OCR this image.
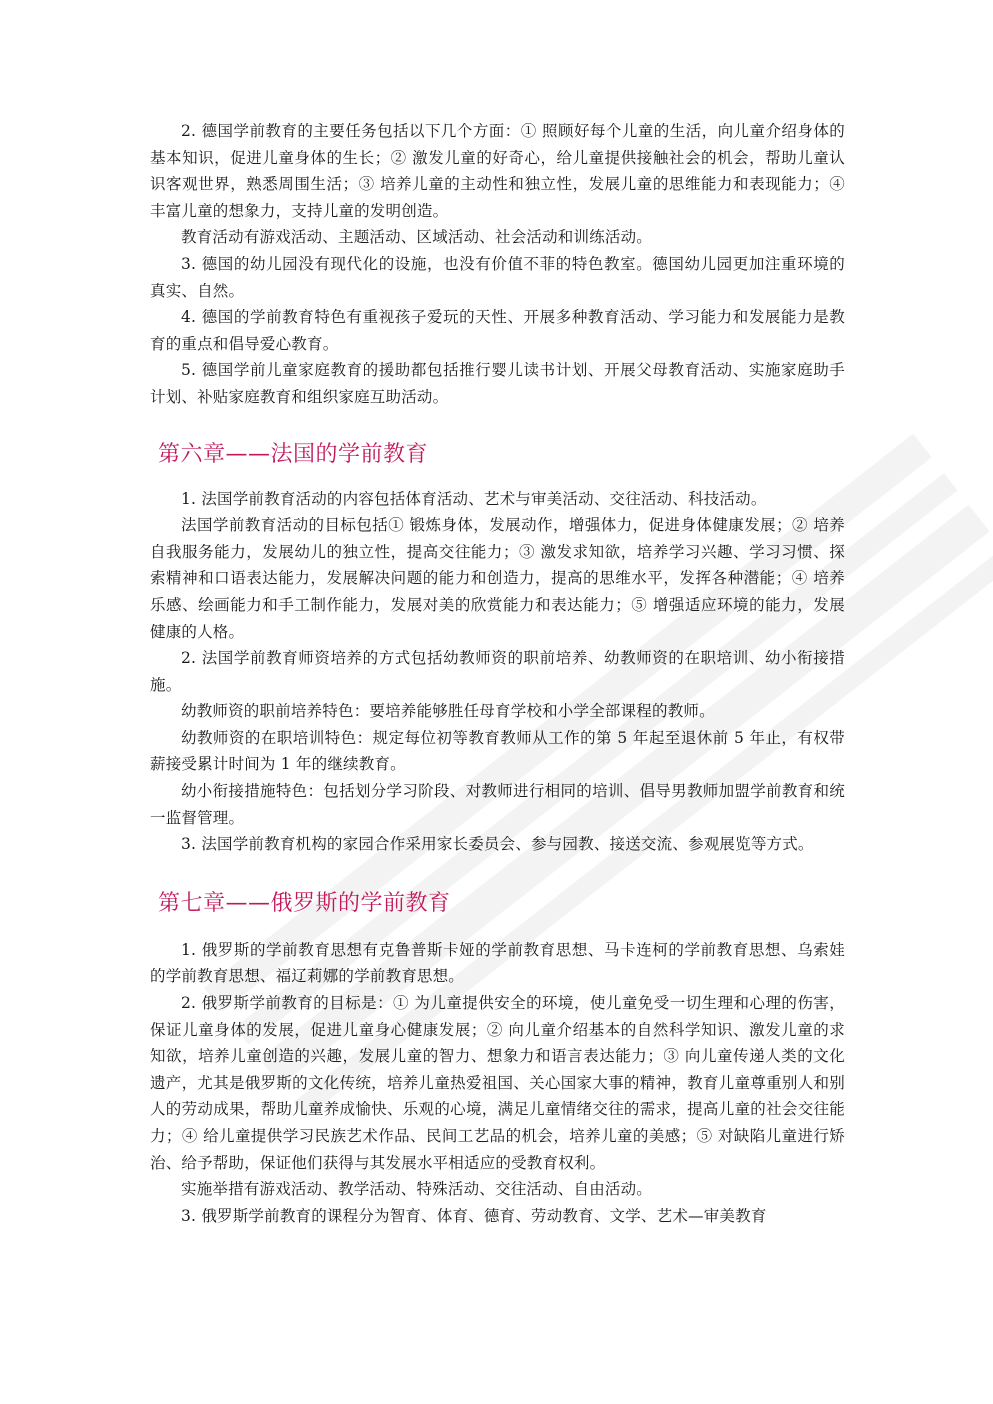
2. 德国学前教育的主要任务包括以下几个方面：① 照顾好每个儿童的生活，向儿童介绍身体的基本知识，促进儿童身体的生长；② 激发儿童的好奇心，给儿童提供接触社会的机会，帮助儿童认识客观世界，熟悉周围生活；③ 培养儿童的主动性和独立性，发展儿童的思维能力和表现能力；④ 丰富儿童的想象力，支持儿童的发明创造。

教育活动有游戏活动、主题活动、区域活动、社会活动和训练活动。

3. 德国的幼儿园没有现代化的设施，也没有价值不菲的特色教室。德国幼儿园更加注重环境的真实、自然。

4. 德国的学前教育特色有重视孩子爱玩的天性、开展多种教育活动、学习能力和发展能力是教育的重点和倡导爱心教育。

5. 德国学前儿童家庭教育的援助都包括推行婴儿读书计划、开展父母教育活动、实施家庭助手计划、补贴家庭教育和组织家庭互助活动。

第六章——法国的学前教育

1. 法国学前教育活动的内容包括体育活动、艺术与审美活动、交往活动、科技活动。

法国学前教育活动的目标包括① 锻炼身体，发展动作，增强体力，促进身体健康发展；② 培养自我服务能力，发展幼儿的独立性，提高交往能力；③ 激发求知欲，培养学习兴趣、学习习惯、探索精神和口语表达能力，发展解决问题的能力和创造力，提高的思维水平，发挥各种潜能；④ 培养乐感、绘画能力和手工制作能力，发展对美的欣赏能力和表达能力；⑤ 增强适应环境的能力，发展健康的人格。

2. 法国学前教育师资培养的方式包括幼教师资的职前培养、幼教师资的在职培训、幼小衔接措施。

幼教师资的职前培养特色：要培养能够胜任母育学校和小学全部课程的教师。

幼教师资的在职培训特色：规定每位初等教育教师从工作的第 5 年起至退休前 5 年止，有权带薪接受累计时间为 1 年的继续教育。

幼小衔接措施特色：包括划分学习阶段、对教师进行相同的培训、倡导男教师加盟学前教育和统一监督管理。

3. 法国学前教育机构的家园合作采用家长委员会、参与园教、接送交流、参观展览等方式。

第七章——俄罗斯的学前教育

1. 俄罗斯的学前教育思想有克鲁普斯卡娅的学前教育思想、马卡连柯的学前教育思想、乌索娃的学前教育思想、福辽莉娜的学前教育思想。

2. 俄罗斯学前教育的目标是：① 为儿童提供安全的环境，使儿童免受一切生理和心理的伤害，保证儿童身体的发展，促进儿童身心健康发展；② 向儿童介绍基本的自然科学知识、激发儿童的求知欲，培养儿童创造的兴趣，发展儿童的智力、想象力和语言表达能力；③ 向儿童传递人类的文化遗产，尤其是俄罗斯的文化传统，培养儿童热爱祖国、关心国家大事的精神，教育儿童尊重别人和别人的劳动成果，帮助儿童养成愉快、乐观的心境，满足儿童情绪交往的需求，提高儿童的社会交往能力；④ 给儿童提供学习民族艺术作品、民间工艺品的机会，培养儿童的美感；⑤ 对缺陷儿童进行矫治、给予帮助，保证他们获得与其发展水平相适应的受教育权利。

实施举措有游戏活动、教学活动、特殊活动、交往活动、自由活动。

3. 俄罗斯学前教育的课程分为智育、体育、德育、劳动教育、文学、艺术—审美教育
